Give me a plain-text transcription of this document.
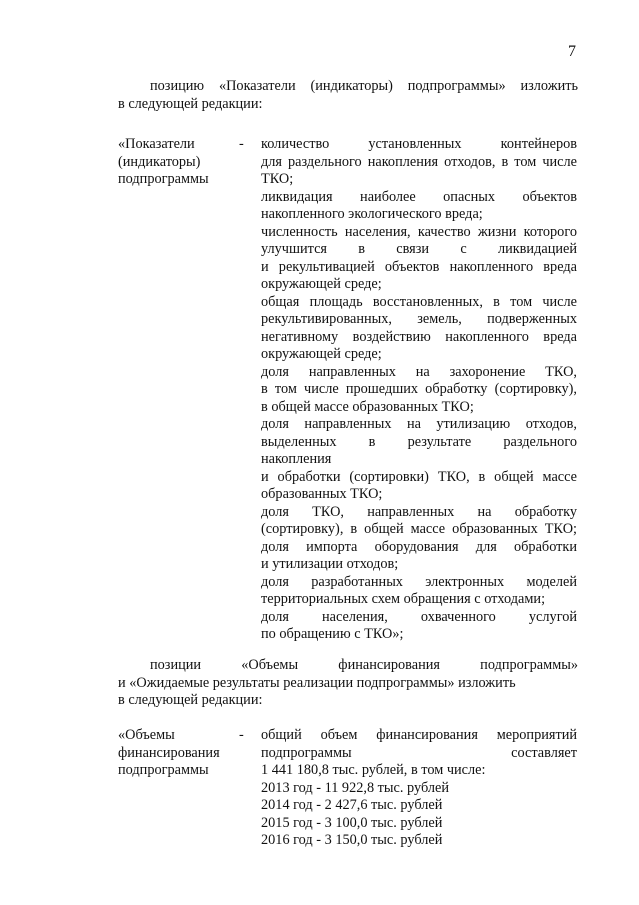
7

позицию «Показатели (индикаторы) подпрограммы» изложить

в следующей редакции:

«Показатели
(индикаторы)
подпрограммы
- количество установленных контейнеров
для раздельного накопления отходов, в том числе
ТКО;
ликвидация наиболее опасных объектов
накопленного экологического вреда;
численность населения, качество жизни которого
улучшится в связи с ликвидацией
и рекультивацией объектов накопленного вреда
окружающей среде;
общая площадь восстановленных, в том числе
рекультивированных, земель, подверженных
негативному воздействию накопленного вреда
окружающей среде;
доля направленных на захоронение ТКО,
в том числе прошедших обработку (сортировку),
в общей массе образованных ТКО;
доля направленных на утилизацию отходов,
выделенных в результате раздельного
накопления
и обработки (сортировки) ТКО, в общей массе
образованных ТКО;
доля ТКО, направленных на обработку
(сортировку), в общей массе образованных ТКО;
доля импорта оборудования для обработки
и утилизации отходов;
доля разработанных электронных моделей
территориальных схем обращения с отходами;
доля населения, охваченного услугой
по обращению с ТКО»;

позиции «Объемы финансирования подпрограммы»

и «Ожидаемые результаты реализации подпрограммы» изложить

в следующей редакции:

«Объемы
финансирования
подпрограммы
- общий объем финансирования мероприятий
подпрограммы составляет
1 441 180,8 тыс. рублей, в том числе:
2013 год - 11 922,8 тыс. рублей
2014 год - 2 427,6 тыс. рублей
2015 год - 3 100,0 тыс. рублей
2016 год - 3 150,0 тыс. рублей
